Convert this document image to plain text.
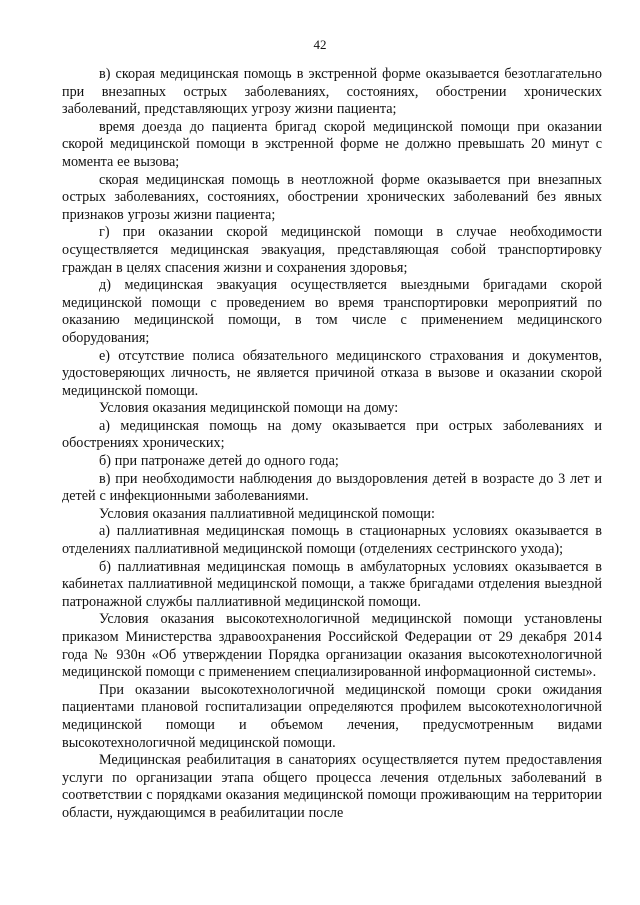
42

в) скорая медицинская помощь в экстренной форме оказывается безотлагательно при внезапных острых заболеваниях, состояниях, обострении хронических заболеваний, представляющих угрозу жизни пациента;

время доезда до пациента бригад скорой медицинской помощи при оказании скорой медицинской помощи в экстренной форме не должно превышать 20 минут с момента ее вызова;

скорая медицинская помощь в неотложной форме оказывается при внезапных острых заболеваниях, состояниях, обострении хронических заболеваний без явных признаков угрозы жизни пациента;

г) при оказании скорой медицинской помощи в случае необходимости осуществляется медицинская эвакуация, представляющая собой транспортировку граждан в целях спасения жизни и сохранения здоровья;

д) медицинская эвакуация осуществляется выездными бригадами скорой медицинской помощи с проведением во время транспортировки мероприятий по оказанию медицинской помощи, в том числе с применением медицинского оборудования;

е) отсутствие полиса обязательного медицинского страхования и документов, удостоверяющих личность, не является причиной отказа в вызове и оказании скорой медицинской помощи.

Условия оказания медицинской помощи на дому:

а) медицинская помощь на дому оказывается при острых заболеваниях и обострениях хронических;

б) при патронаже детей до одного года;

в) при необходимости наблюдения до выздоровления детей в возрасте до 3 лет и детей с инфекционными заболеваниями.

Условия оказания паллиативной медицинской помощи:

а) паллиативная медицинская помощь в стационарных условиях оказывается в отделениях паллиативной медицинской помощи (отделениях сестринского ухода);

б) паллиативная медицинская помощь в амбулаторных условиях оказывается в кабинетах паллиативной медицинской помощи, а также бригадами отделения выездной патронажной службы паллиативной медицинской помощи.

Условия оказания высокотехнологичной медицинской помощи установлены приказом Министерства здравоохранения Российской Федерации от 29 декабря 2014 года № 930н «Об утверждении Порядка организации оказания высокотехнологичной медицинской помощи с применением специализированной информационной системы».

При оказании высокотехнологичной медицинской помощи сроки ожидания пациентами плановой госпитализации определяются профилем высокотехнологичной медицинской помощи и объемом лечения, предусмотренным видами высокотехнологичной медицинской помощи.

Медицинская реабилитация в санаториях осуществляется путем предоставления услуги по организации этапа общего процесса лечения отдельных заболеваний в соответствии с порядками оказания медицинской помощи проживающим на территории области, нуждающимся в реабилитации после
